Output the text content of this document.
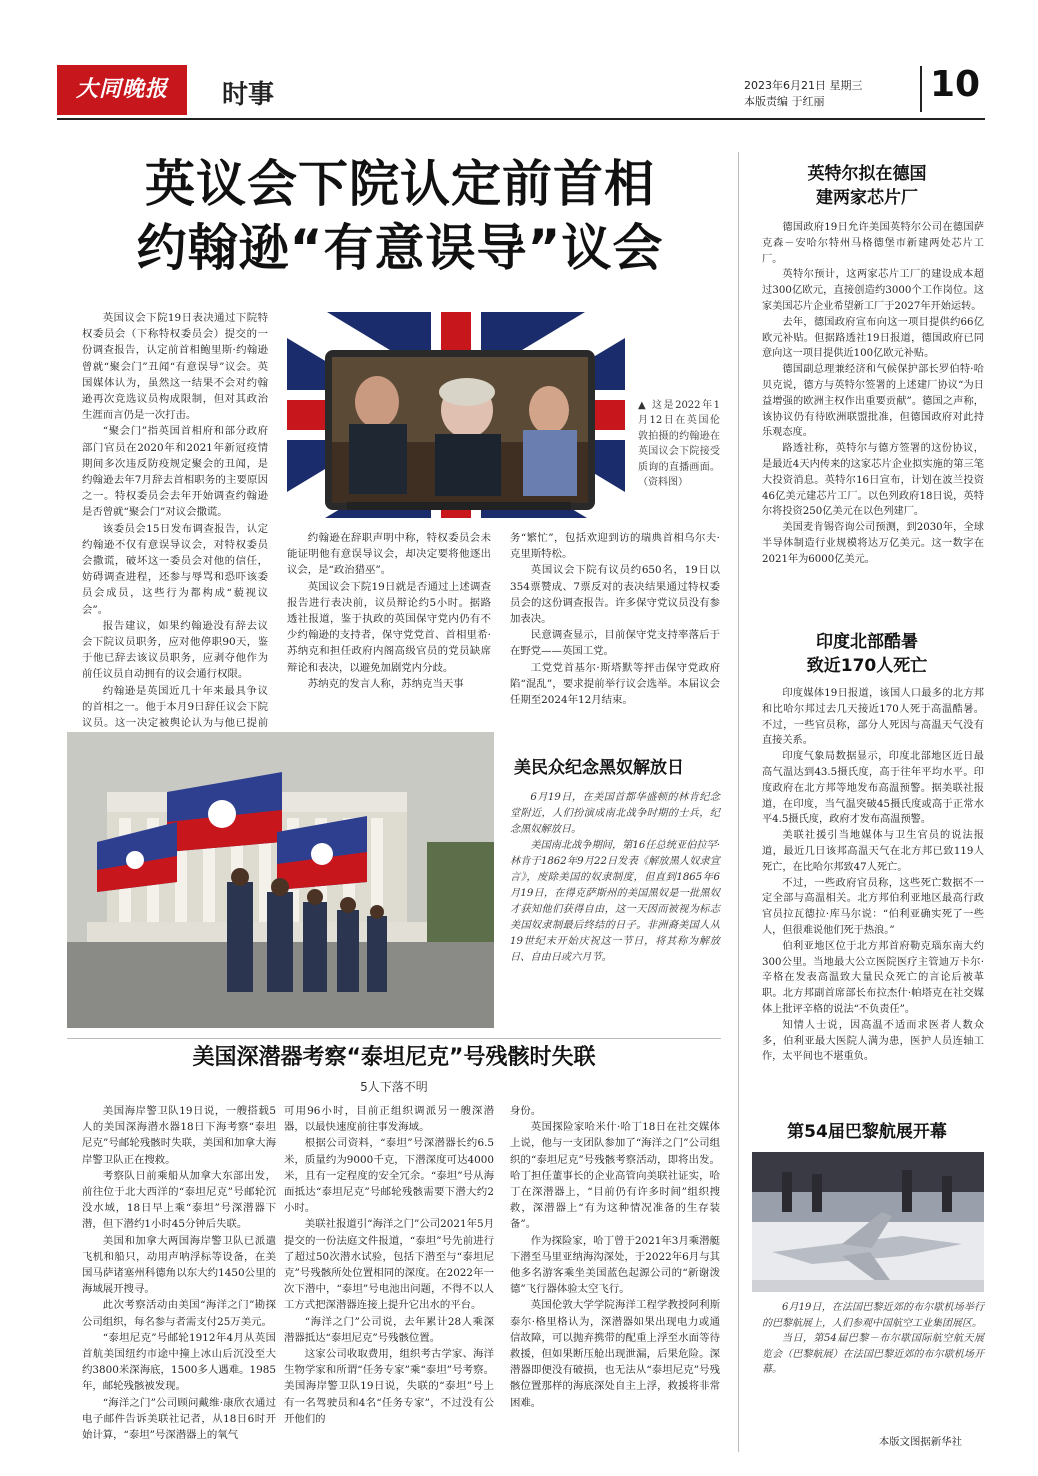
大同晚报	时事	2023年6月21日 星期三
本版责编 于红丽	10
英议会下院认定前首相
约翰逊“有意误导”议会

英国议会下院19日表决通过下院特权委员会（下称特权委员会）提交的一份调查报告，认定前首相鲍里斯·约翰逊曾就“聚会门”丑闻“有意误导”议会。英国媒体认为，虽然这一结果不会对约翰逊再次竞选议员构成限制，但对其政治生涯而言仍是一次打击。

“聚会门”指英国首相府和部分政府部门官员在2020年和2021年新冠疫情期间多次违反防疫规定聚会的丑闻，是约翰逊去年7月辞去首相职务的主要原因之一。特权委员会去年开始调查约翰逊是否曾就“聚会门”对议会撒谎。

该委员会15日发布调查报告，认定约翰逊不仅有意误导议会，对特权委员会撒谎，破坏这一委员会对他的信任，妨碍调查进程，还参与辱骂和恐吓该委员会成员，这些行为都构成“藐视议会”。

报告建议，如果约翰逊没有辞去议会下院议员职务，应对他停职90天，鉴于他已辞去该议员职务，应剥夺他作为前任议员自动拥有的议会通行权限。

约翰逊是英国近几十年来最具争议的首相之一。他于本月9日辞任议会下院议员。这一决定被舆论认为与他已提前

▲ 这是2022年1月12日在英国伦敦拍摄的约翰逊在英国议会下院接受质询的直播画面。（资料图）

约翰逊在辞职声明中称，特权委员会未能证明他有意误导议会，却决定要将他逐出议会，是“政治猎巫”。

英国议会下院19日就是否通过上述调查报告进行表决前，议员辩论约5小时。据路透社报道，鉴于执政的英国保守党内仍有不少约翰逊的支持者，保守党党首、首相里希·苏纳克和担任政府内阁高级官员的党员缺席辩论和表决，以避免加剧党内分歧。

苏纳克的发言人称，苏纳克当天事

务“繁忙”，包括欢迎到访的瑞典首相乌尔夫·克里斯特松。

英国议会下院有议员约650名，19日以354票赞成、7票反对的表决结果通过特权委员会的这份调查报告。许多保守党议员没有参加表决。

民意调查显示，目前保守党支持率落后于在野党——英国工党。

工党党首基尔·斯塔默等抨击保守党政府陷“混乱”，要求提前举行议会选举。本届议会任期至2024年12月结束。

美民众纪念黑奴解放日

6月19日，在美国首都华盛顿的林肯纪念堂附近，人们扮演成南北战争时期的士兵，纪念黑奴解放日。

美国南北战争期间，第16任总统亚伯拉罕·林肯于1862年9月22日发表《解放黑人奴隶宣言》，废除美国的奴隶制度，但直到1865年6月19日，在得克萨斯州的美国黑奴是一批黑奴才获知他们获得自由，这一天因而被视为标志美国奴隶制最后终结的日子。非洲裔美国人从19世纪末开始庆祝这一节日，将其称为解放日、自由日或六月节。

美国深潜器考察“泰坦尼克”号残骸时失联
5人下落不明

美国海岸警卫队19日说，一艘搭载5人的美国深海潜水器18日下海考察“泰坦尼克”号邮轮残骸时失联，美国和加拿大海岸警卫队正在搜救。

考察队日前乘船从加拿大东部出发，前往位于北大西洋的“泰坦尼克”号邮轮沉没水域，18日早上乘“泰坦”号深潜器下潜，但下潜约1小时45分钟后失联。

美国和加拿大两国海岸警卫队已派遣飞机和船只，动用声呐浮标等设备，在美国马萨诸塞州科德角以东大约1450公里的海域展开搜寻。

此次考察活动由美国“海洋之门”勘探公司组织，每名参与者需支付25万美元。

“泰坦尼克”号邮轮1912年4月从英国首航美国纽约市途中撞上冰山后沉没至大约3800米深海底，1500多人遇难。1985年，邮轮残骸被发现。

“海洋之门”公司顾问戴维·康欣衣通过电子邮件告诉美联社记者，从18日6时开始计算，“泰坦”号深潜器上的氧气

可用96小时，目前正组织调派另一艘深潜器，以最快速度前往事发海域。

根据公司资料，“泰坦”号深潜器长约6.5米，质量约为9000千克，下潜深度可达4000米，且有一定程度的安全冗余。“泰坦”号从海面抵达“泰坦尼克”号邮轮残骸需要下潜大约2小时。

美联社报道引“海洋之门”公司2021年5月提交的一份法庭文件报道，“泰坦”号先前进行了超过50次潜水试验，包括下潜至与“泰坦尼克”号残骸所处位置相同的深度。在2022年一次下潜中，“泰坦”号电池出问题，不得不以人工方式把深潜器连接上提升它出水的平台。

“海洋之门”公司说，去年累计28人乘深潜器抵达“泰坦尼克”号残骸位置。

这家公司收取费用，组织考古学家、海洋生物学家和所谓“任务专家”乘“泰坦”号考察。美国海岸警卫队19日说，失联的“泰坦”号上有一名驾驶员和4名“任务专家”，不过没有公开他们的

身份。

英国探险家哈米什·哈丁18日在社交媒体上说，他与一支团队参加了“海洋之门”公司组织的“泰坦尼克”号残骸考察活动，即将出发。哈丁担任董事长的企业高管向美联社证实，哈丁在深潜器上，“目前仍有许多时间”组织搜救，深潜器上“有为这种情况准备的生存装备”。

作为探险家，哈丁曾于2021年3月乘潜艇下潜至马里亚纳海沟深处，于2022年6月与其他多名游客乘坐美国蓝色起源公司的“新谢泼德”飞行器体验太空飞行。

英国伦敦大学学院海洋工程学教授阿利斯泰尔·格里格认为，深潜器如果出现电力或通信故障，可以抛弃携带的配重上浮至水面等待救援，但如果断压舱出现泄漏，后果危险。深潜器即便没有破损，也无法从“泰坦尼克”号残骸位置那样的海底深处自主上浮，救援将非常困难。

英特尔拟在德国
建两家芯片厂

德国政府19日允许美国英特尔公司在德国萨克森－安哈尔特州马格德堡市新建两处芯片工厂。

英特尔预计，这两家芯片工厂的建设成本超过300亿欧元，直接创造约3000个工作岗位。这家美国芯片企业希望新工厂于2027年开始运转。

去年，德国政府宣布向这一项目提供约66亿欧元补贴。但据路透社19日报道，德国政府已同意向这一项目提供近100亿欧元补贴。

德国副总理兼经济和气候保护部长罗伯特·哈贝克说，德方与英特尔签署的上述建厂协议“为日益增强的欧洲主权作出重要贡献”。德国之声称，该协议仍有待欧洲联盟批准，但德国政府对此持乐观态度。

路透社称，英特尔与德方签署的这份协议，是最近4天内传来的这家芯片企业拟实施的第三笔大投资消息。英特尔16日宣布，计划在波兰投资46亿美元建芯片工厂。以色列政府18日说，英特尔将投资250亿美元在以色列建厂。

美国麦肯锡咨询公司预测，到2030年，全球半导体制造行业规模将达万亿美元。这一数字在2021年为6000亿美元。

印度北部酷暑
致近170人死亡

印度媒体19日报道，该国人口最多的北方邦和比哈尔邦过去几天接近170人死于高温酷暑。不过，一些官员称，部分人死因与高温天气没有直接关系。

印度气象局数据显示，印度北部地区近日最高气温达到43.5摄氏度，高于往年平均水平。印度政府在北方邦等地发布高温预警。据美联社报道，在印度，当气温突破45摄氏度或高于正常水平4.5摄氏度，政府才发布高温预警。

美联社援引当地媒体与卫生官员的说法报道，最近几日该邦高温天气在北方邦已致119人死亡，在比哈尔邦致47人死亡。

不过，一些政府官员称，这些死亡数据不一定全部与高温相关。北方邦伯利亚地区最高行政官员拉瓦德拉·库马尔说：“伯利亚确实死了一些人，但很难说他们死于热浪。”

伯利亚地区位于北方邦首府勒克瑙东南大约300公里。当地最大公立医院医疗主管迪万卡尔·辛格在发表高温致大量民众死亡的言论后被革职。北方邦副首席部长布拉杰什·帕塔克在社交媒体上批评辛格的说法“不负责任”。

知情人士说，因高温不适而求医者人数众多，伯利亚最大医院人满为患，医护人员连轴工作，太平间也不堪重负。

第54届巴黎航展开幕

6月19日，在法国巴黎近郊的布尔歇机场举行的巴黎航展上，人们参观中国航空工业集团展区。

当日，第54届巴黎－布尔歇国际航空航天展览会（巴黎航展）在法国巴黎近郊的布尔歇机场开幕。

本版文图据新华社
